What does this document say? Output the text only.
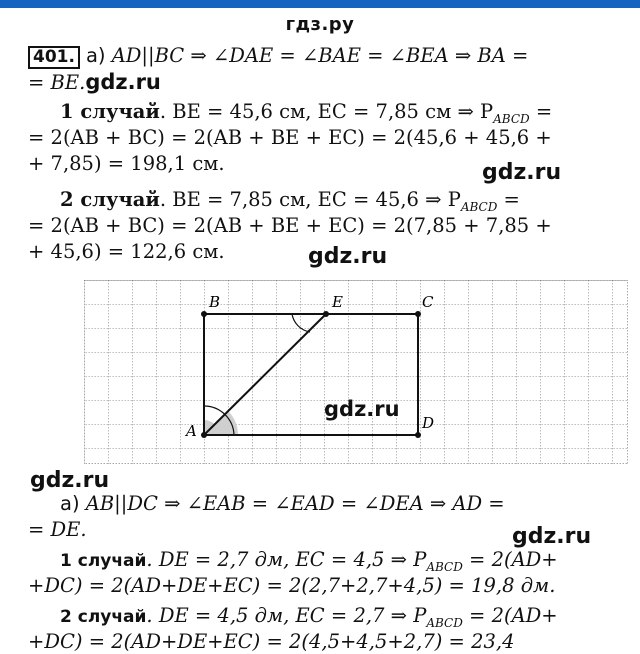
гдз.ру
401. а) AD||BC ⇒ ∠DAE = ∠BAE = ∠BEA ⇒ BA =
= BE.gdz.ru
1 случай. BE = 45,6 см, EC = 7,85 см ⇒ $P_{ABCD}$ =
= 2(AB + BC) = 2(AB + BE + EC) = 2(45,6 + 45,6 +
+ 7,85) = 198,1 см.	gdz.ru
2 случай. BE = 7,85 см, EC = 45,6 ⇒ $P_{ABCD}$ =
= 2(AB + BC) = 2(AB + BE + EC) = 2(7,85 + 7,85 +
+ 45,6) = 122,6 см.	gdz.ru
B	E	C
D
A
gdz.ru
gdz.ru
а) AB||DC ⇒ ∠EAB = ∠EAD = ∠DEA ⇒ AD =
= DE.	gdz.ru
1 случай. DE = 2,7 дм, EC = 4,5 ⇒ $P_{ABCD} = 2(AD+$
+DC) = 2(AD+DE+EC) = 2(2,7+2,7+4,5) = 19,8 дм.
2 случай. DE = 4,5 дм, EC = 2,7 ⇒ $P_{ABCD} = 2(AD+$
+DC) = 2(AD+DE+EC) = 2(4,5+4,5+2,7) = 23,4
